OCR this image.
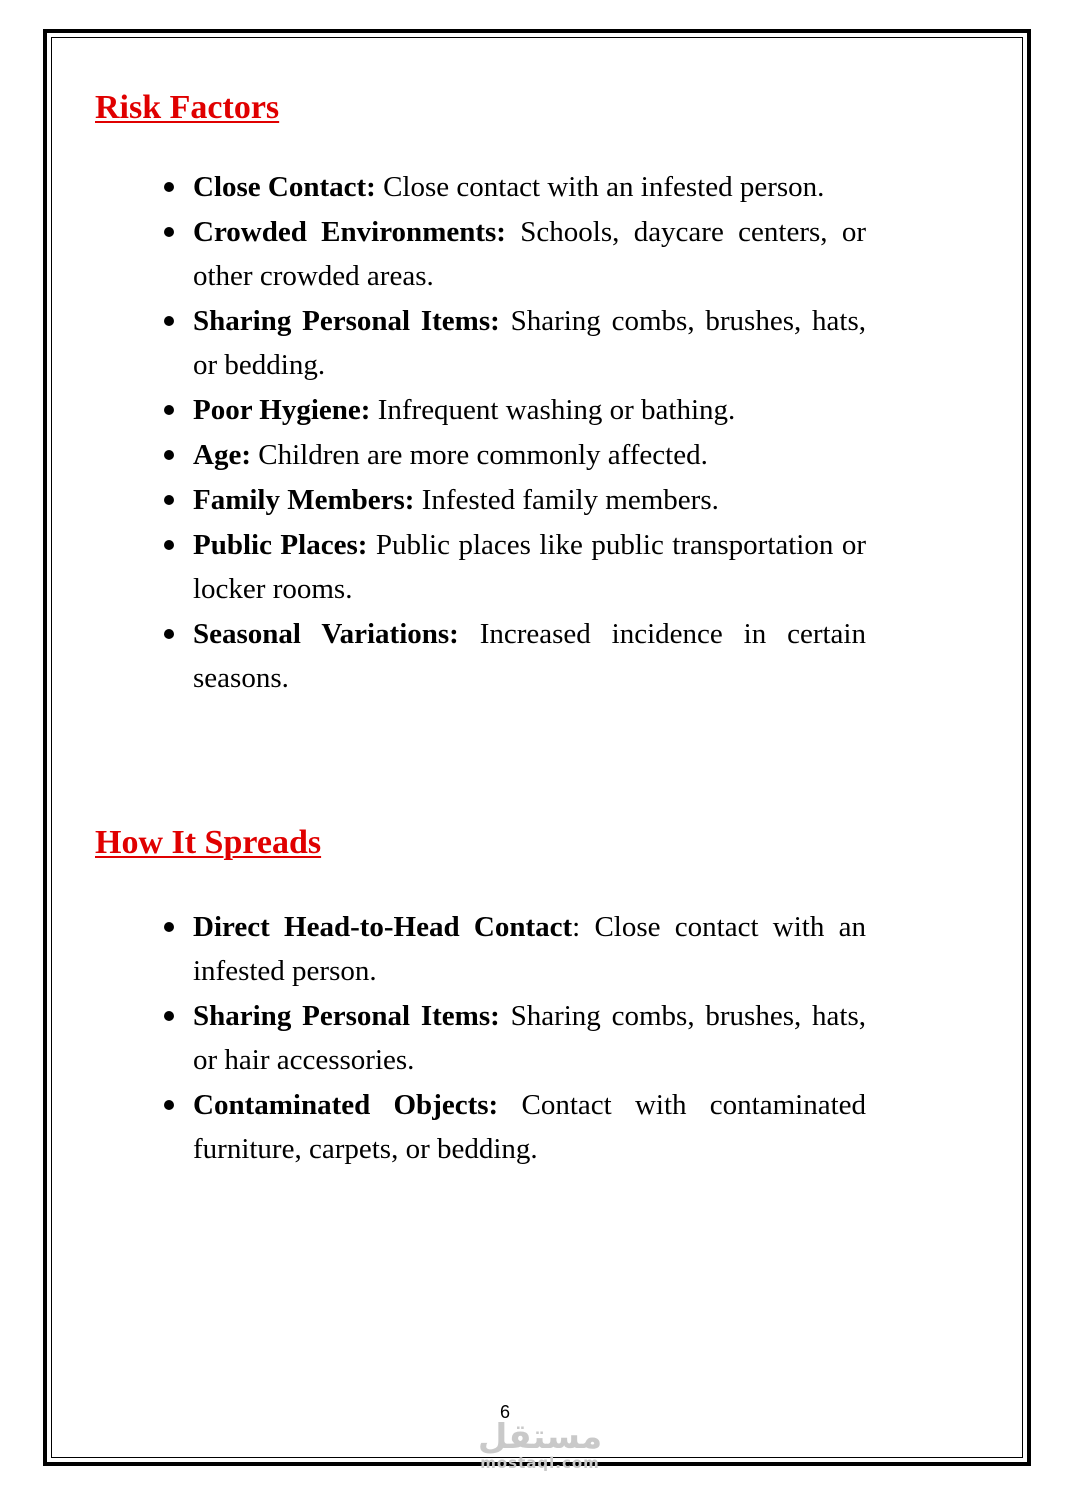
Risk Factors
Close Contact: Close contact with an infested person.
Crowded Environments: Schools, daycare centers, or other crowded areas.
Sharing Personal Items: Sharing combs, brushes, hats, or bedding.
Poor Hygiene: Infrequent washing or bathing.
Age: Children are more commonly affected.
Family Members: Infested family members.
Public Places: Public places like public transportation or locker rooms.
Seasonal Variations: Increased incidence in certain seasons.
How It Spreads
Direct Head-to-Head Contact: Close contact with an infested person.
Sharing Personal Items: Sharing combs, brushes, hats, or hair accessories.
Contaminated Objects: Contact with contaminated furniture, carpets, or bedding.
6
مستقل
mostaql.com
